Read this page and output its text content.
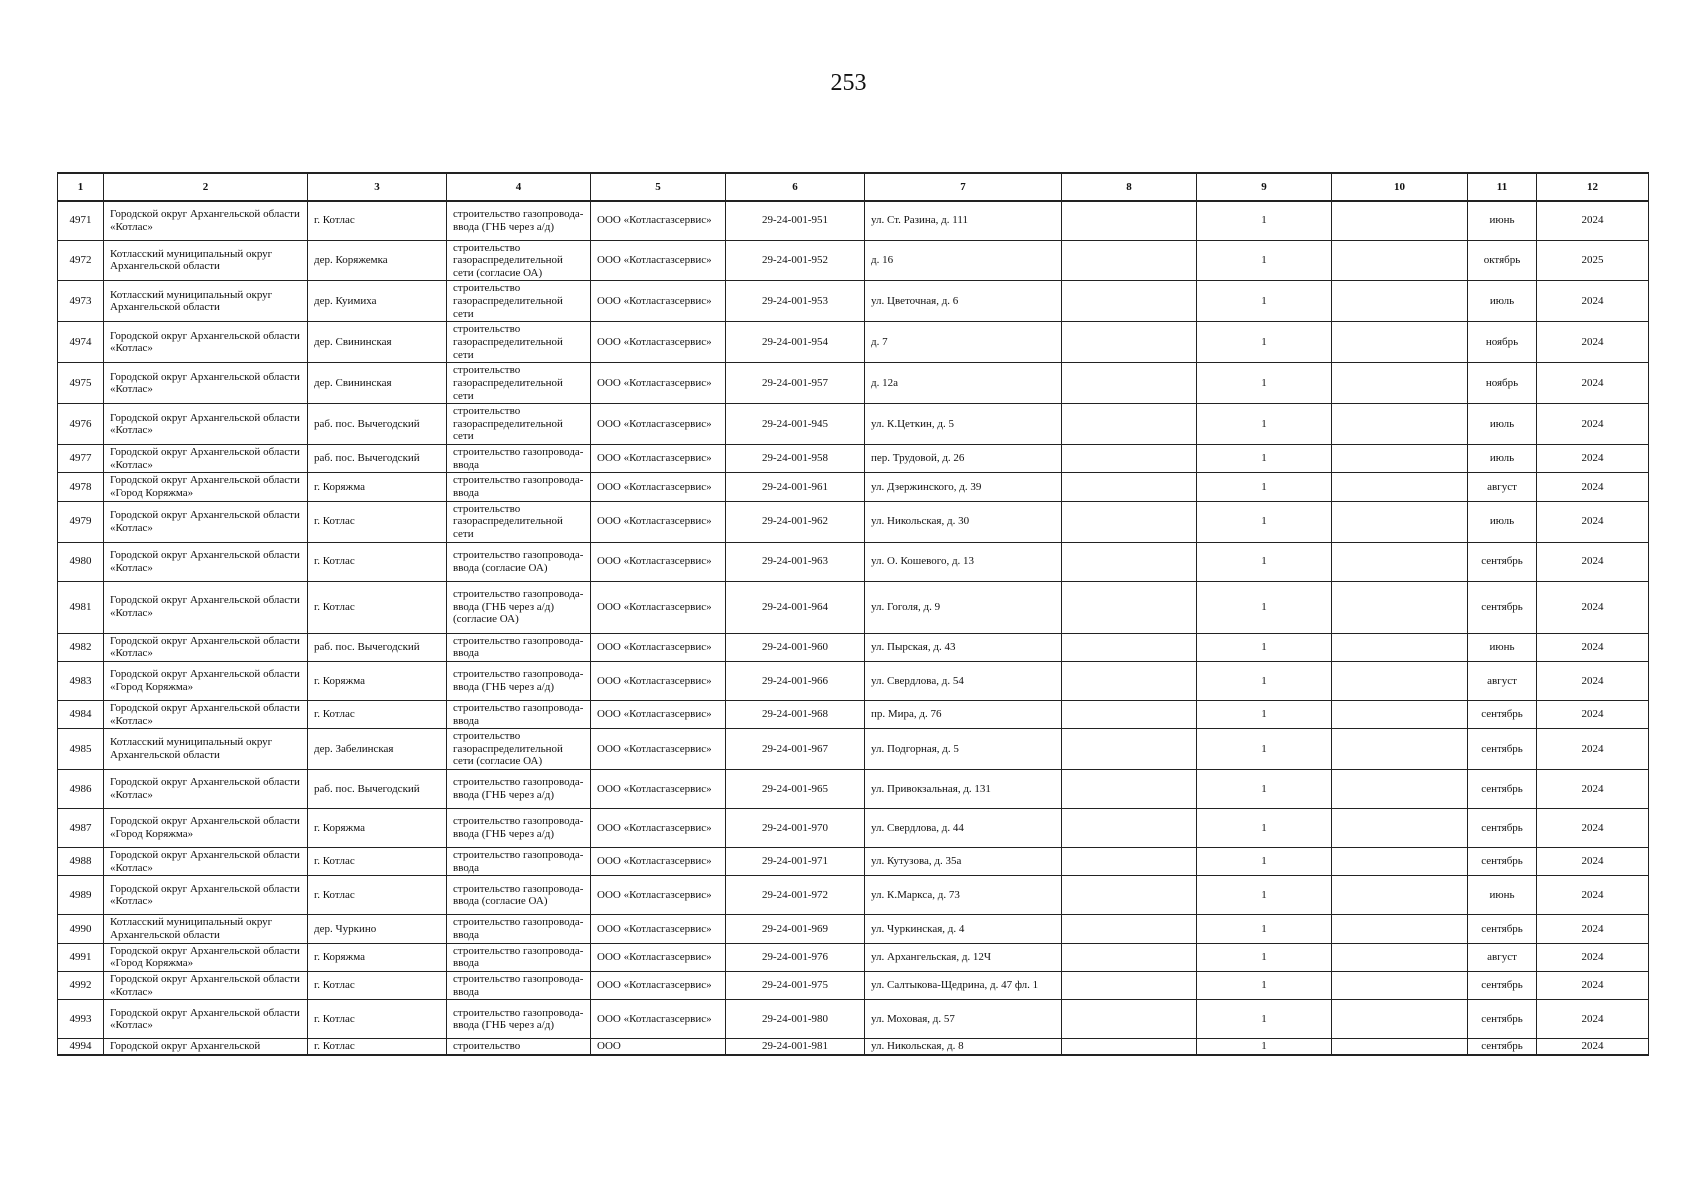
253
1	2	3	4	5	6	7	8	9	10	11	12
4971	Городской округ Архангельской области «Котлас»	г. Котлас	строительство газопровода-ввода (ГНБ через а/д)	ООО «Котласгазсервис»	29-24-001-951	ул. Ст. Разина, д. 111		1		июнь	2024
4972	Котласский муниципальный округ Архангельской области	дер. Коряжемка	строительство газораспределительной сети (согласие ОА)	ООО «Котласгазсервис»	29-24-001-952	д. 16		1		октябрь	2025
4973	Котласский муниципальный округ Архангельской области	дер. Куимиха	строительство газораспределительной сети	ООО «Котласгазсервис»	29-24-001-953	ул. Цветочная, д. 6		1		июль	2024
4974	Городской округ Архангельской области «Котлас»	дер. Свининская	строительство газораспределительной сети	ООО «Котласгазсервис»	29-24-001-954	д. 7		1		ноябрь	2024
4975	Городской округ Архангельской области «Котлас»	дер. Свининская	строительство газораспределительной сети	ООО «Котласгазсервис»	29-24-001-957	д. 12а		1		ноябрь	2024
4976	Городской округ Архангельской области «Котлас»	раб. пос. Вычегодский	строительство газораспределительной сети	ООО «Котласгазсервис»	29-24-001-945	ул. К.Цеткин, д. 5		1		июль	2024
4977	Городской округ Архангельской области «Котлас»	раб. пос. Вычегодский	строительство газопровода-ввода	ООО «Котласгазсервис»	29-24-001-958	пер. Трудовой, д. 26		1		июль	2024
4978	Городской округ Архангельской области «Город Коряжма»	г. Коряжма	строительство газопровода-ввода	ООО «Котласгазсервис»	29-24-001-961	ул. Дзержинского, д. 39		1		август	2024
4979	Городской округ Архангельской области «Котлас»	г. Котлас	строительство газораспределительной сети	ООО «Котласгазсервис»	29-24-001-962	ул. Никольская, д. 30		1		июль	2024
4980	Городской округ Архангельской области «Котлас»	г. Котлас	строительство газопровода-ввода (согласие ОА)	ООО «Котласгазсервис»	29-24-001-963	ул. О. Кошевого, д. 13		1		сентябрь	2024
4981	Городской округ Архангельской области «Котлас»	г. Котлас	строительство газопровода-ввода (ГНБ через а/д) (согласие ОА)	ООО «Котласгазсервис»	29-24-001-964	ул. Гоголя, д. 9		1		сентябрь	2024
4982	Городской округ Архангельской области «Котлас»	раб. пос. Вычегодский	строительство газопровода-ввода	ООО «Котласгазсервис»	29-24-001-960	ул. Пырская, д. 43		1		июнь	2024
4983	Городской округ Архангельской области «Город Коряжма»	г. Коряжма	строительство газопровода-ввода (ГНБ через а/д)	ООО «Котласгазсервис»	29-24-001-966	ул. Свердлова, д. 54		1		август	2024
4984	Городской округ Архангельской области «Котлас»	г. Котлас	строительство газопровода-ввода	ООО «Котласгазсервис»	29-24-001-968	пр. Мира, д. 76		1		сентябрь	2024
4985	Котласский муниципальный округ Архангельской области	дер. Забелинская	строительство газораспределительной сети (согласие ОА)	ООО «Котласгазсервис»	29-24-001-967	ул. Подгорная, д. 5		1		сентябрь	2024
4986	Городской округ Архангельской области «Котлас»	раб. пос. Вычегодский	строительство газопровода-ввода (ГНБ через а/д)	ООО «Котласгазсервис»	29-24-001-965	ул. Привокзальная, д. 131		1		сентябрь	2024
4987	Городской округ Архангельской области «Город Коряжма»	г. Коряжма	строительство газопровода-ввода (ГНБ через а/д)	ООО «Котласгазсервис»	29-24-001-970	ул. Свердлова, д. 44		1		сентябрь	2024
4988	Городской округ Архангельской области «Котлас»	г. Котлас	строительство газопровода-ввода	ООО «Котласгазсервис»	29-24-001-971	ул. Кутузова, д. 35а		1		сентябрь	2024
4989	Городской округ Архангельской области «Котлас»	г. Котлас	строительство газопровода-ввода (согласие ОА)	ООО «Котласгазсервис»	29-24-001-972	ул. К.Маркса, д. 73		1		июнь	2024
4990	Котласский муниципальный округ Архангельской области	дер. Чуркино	строительство газопровода-ввода	ООО «Котласгазсервис»	29-24-001-969	ул. Чуркинская, д. 4		1		сентябрь	2024
4991	Городской округ Архангельской области «Город Коряжма»	г. Коряжма	строительство газопровода-ввода	ООО «Котласгазсервис»	29-24-001-976	ул. Архангельская, д. 12Ч		1		август	2024
4992	Городской округ Архангельской области «Котлас»	г. Котлас	строительство газопровода-ввода	ООО «Котласгазсервис»	29-24-001-975	ул. Салтыкова-Щедрина, д. 47 фл. 1		1		сентябрь	2024
4993	Городской округ Архангельской области «Котлас»	г. Котлас	строительство газопровода-ввода (ГНБ через а/д)	ООО «Котласгазсервис»	29-24-001-980	ул. Моховая, д. 57		1		сентябрь	2024
4994	Городской округ Архангельской	г. Котлас	строительство	ООО	29-24-001-981	ул. Никольская, д. 8		1		сентябрь	2024
